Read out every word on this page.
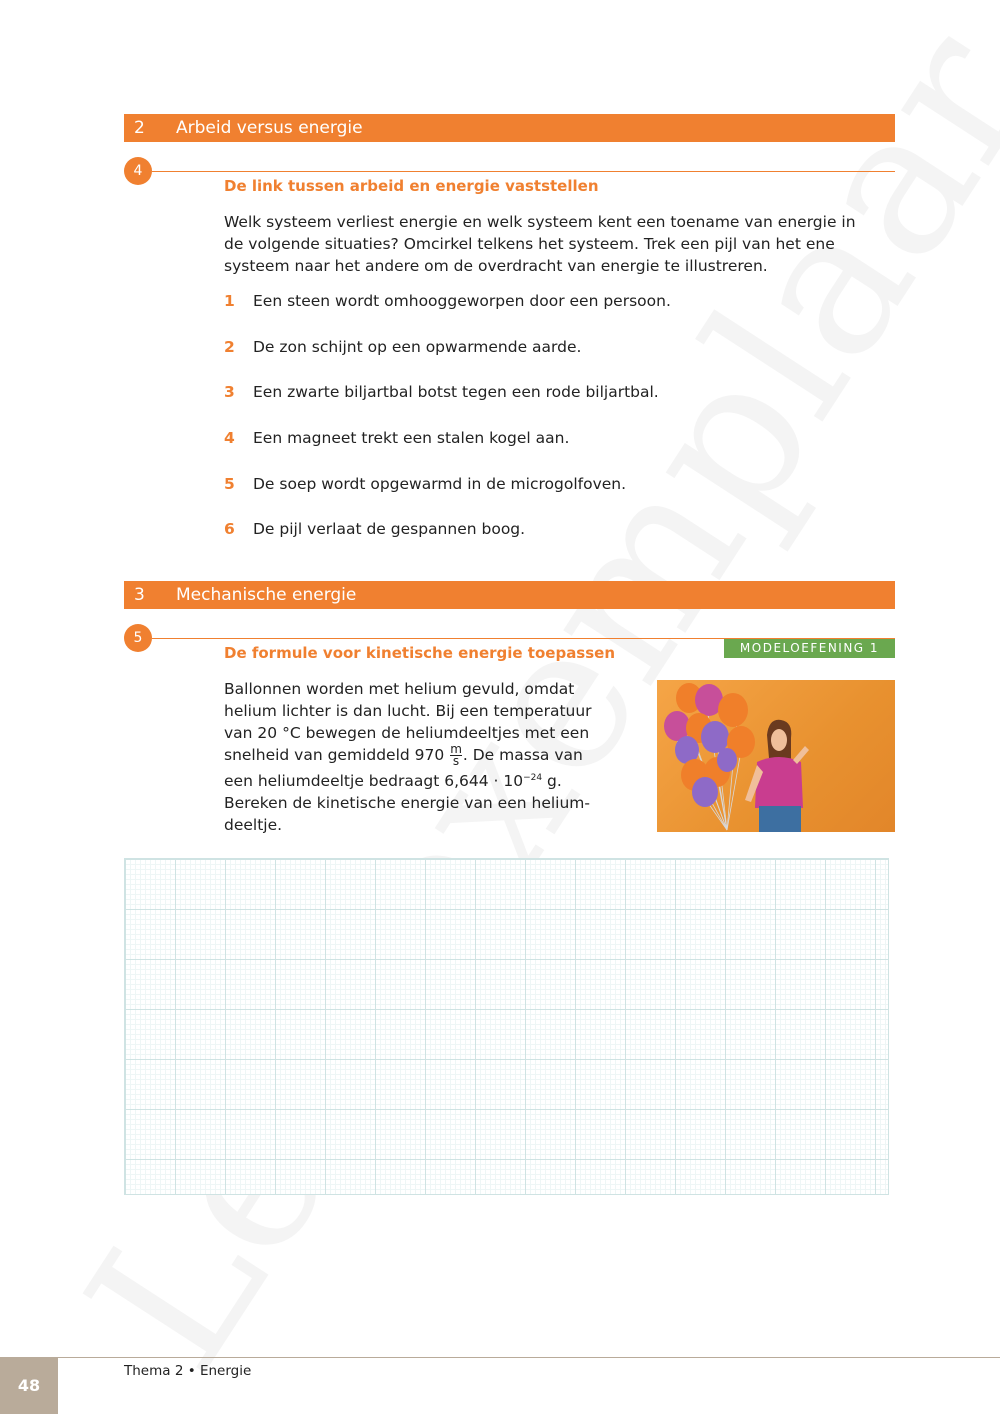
2 Arbeid versus energie
4
De link tussen arbeid en energie vaststellen
Welk systeem verliest energie en welk systeem kent een toename van energie in de volgende situaties? Omcirkel telkens het systeem. Trek een pijl van het ene systeem naar het andere om de overdracht van energie te illustreren.
1 Een steen wordt omhooggeworpen door een persoon.
2 De zon schijnt op een opwarmende aarde.
3 Een zwarte biljartbal botst tegen een rode biljartbal.
4 Een magneet trekt een stalen kogel aan.
5 De soep wordt opgewarmd in de microgolfoven.
6 De pijl verlaat de gespannen boog.
3 Mechanische energie
5
De formule voor kinetische energie toepassen	MODELOEFENING 1
Ballonnen worden met helium gevuld, omdat
helium lichter is dan lucht. Bij een temperatuur
van 20 °C bewegen de heliumdeeltjes met een
snelheid van gemiddeld $970 \frac{m}{s}$ . De massa van
een heliumdeeltje bedraagt $6,644 \cdot 10^{-24}$ g.
Bereken de kinetische energie van een helium-
deeltje.
48
Thema 2 • Energie
